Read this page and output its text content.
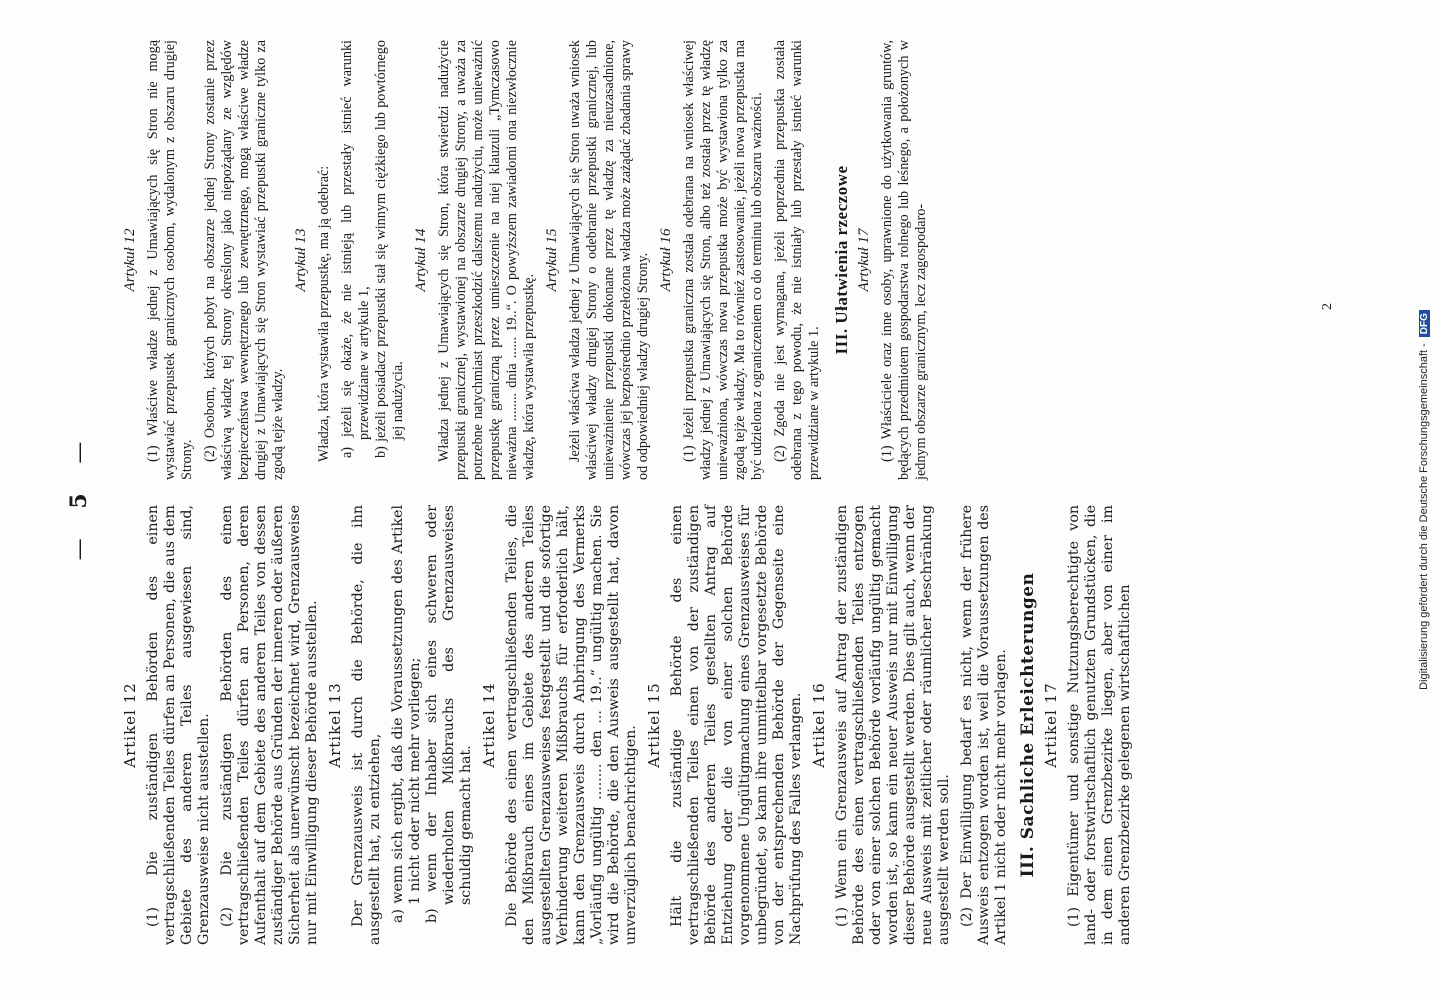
— 5 —
Artikel 12 (1) Die zuständigen Behörden des einen vertragschließenden Teiles dürfen an Personen, die aus dem Gebiete des anderen Teiles ausgewiesen sind, Grenzausweise nicht ausstellen. (2) Die zuständigen Behörden des einen vertragschließenden Teiles dürfen an Personen, deren Aufenthalt auf dem Gebiete des anderen Teiles von dessen zuständiger Behörde aus Gründen der inneren oder äußeren Sicherheit als unerwünscht bezeichnet wird, Grenzausweise nur mit Einwilligung dieser Behörde ausstellen. Artikel 13 Der Grenzausweis ist durch die Behörde, die ihn ausgestellt hat, zu entziehen, a) wenn sich ergibt, daß die Voraussetzungen des Artikel 1 nicht oder nicht mehr vorliegen; b) wenn der Inhaber sich eines schweren oder wiederholten Mißbrauchs des Grenzausweises schuldig gemacht hat.
Artikel 14 Die Behörde des einen vertragschließenden Teiles, die den Mißbrauch eines im Gebiete des anderen Teiles ausgestellten Grenzausweises festgestellt und die sofortige Verhinderung weiteren Mißbrauchs für erforderlich hält, kann den Grenzausweis durch Anbringung des Vermerks „Vorläufig ungültig ........ den ... 19..“ ungültig machen. Sie wird die Behörde, die den Ausweis ausgestellt hat, davon unverzüglich benachrichtigen.

Artikel 15 Hält die zuständige Behörde des einen vertragschließenden Teiles einen von der zuständigen Behörde des anderen Teiles gestellten Antrag auf Entziehung oder die von einer solchen Behörde vorgenommene Ungültigmachung eines Grenzausweises für unbegründet, so kann ihre unmittelbar vorgesetzte Behörde von der entsprechenden Behörde der Gegenseite eine Nachprüfung des Falles verlangen. Artikel 16 (1) Wenn ein Grenzausweis auf Antrag der zuständigen Behörde des einen vertragschließenden Teiles entzogen oder von einer solchen Behörde vorläufig ungültig gemacht worden ist, so kann ein neuer Ausweis nur mit Einwilligung dieser Behörde ausgestellt werden. Dies gilt auch, wenn der neue Ausweis mit zeitlicher oder räumlicher Beschränkung ausgestellt werden soll. (2) Der Einwilligung bedarf es nicht, wenn der frühere Ausweis entzogen worden ist, weil die Voraussetzungen des Artikel 1 nicht oder nicht mehr vorlagen. III. Sachliche Erleichterungen Artikel 17 (1) Eigentümer und sonstige Nutzungsberechtigte von land- oder forstwirtschaftlich genutzten Grundstücken, die in dem einen Grenzbezirke liegen, aber von einer im anderen Grenzbezirke gelegenen wirtschaftlichen

Artykuł 12 (1) Właściwe władze jednej z Umawiających się Stron nie mogą wystawiać przepustek granicznych osobom, wydalonym z obszaru drugiej Strony. (2) Osobom, których pobyt na obszarze jednej Strony zostanie przez właściwą władzę tej Strony określony jako niepożądany ze względów bezpieczeństwa wewnętrznego lub zewnętrznego, mogą właściwe władze drugiej z Umawiających się Stron wystawiać przepustki graniczne tylko za zgodą tejże władzy.

Artykuł 13 Władza, która wystawiła przepustkę, ma ją odebrać: a) jeżeli się okaże, że nie istnieją lub przestały istnieć warunki przewidziane w artykule 1, b) jeżeli posiadacz przepustki stał się winnym ciężkiego lub powtórnego jej nadużycia.
Artykuł 14 Władza jednej z Umawiających się Stron, która stwierdzi nadużycie przepustki granicznej, wystawionej na obszarze drugiej Strony, a uważa za potrzebne natychmiast przeszkodzić dalszemu nadużyciu, może unieważnić przepustkę graniczną przez umieszczenie na niej klauzuli „Tymczasowo nieważna ........ dnia ...... 19..“. O powyższem zawiadomi ona niezwłocznie władzę, która wystawiła przepustkę.

Artykuł 15 Jeżeli właściwa władza jednej z Umawiających się Stron uważa wniosek właściwej władzy drugiej Strony o odebranie przepustki granicznej, lub unieważnienie przepustki dokonane przez tę władzę za nieuzasadnione, wówczas jej bezpośrednio przełożona władza może zażądać zbadania sprawy od odpowiedniej władzy drugiej Strony. Artykuł 16 (1) Jeżeli przepustka graniczna została odebrana na wniosek właściwej władzy jednej z Umawiających się Stron, albo też została przez tę władzę unieważniona, wówczas nowa przepustka może być wystawiona tylko za zgodą tejże władzy. Ma to również zastosowanie, jeżeli nowa przepustka ma być udzielona z ograniczeniem co do terminu lub obszaru ważności. (2) Zgoda nie jest wymagana, jeżeli poprzednia przepustka została odebrana z tego powodu, że nie istniały lub przestały istnieć warunki przewidziane w artykule 1.

III. Ułatwienia rzeczowe Artykuł 17 (1) Właściciele oraz inne osoby, uprawnione do użytkowania gruntów, będących przedmiotem gospodarstwa rolnego lub leśnego, a położonych w jednym obszarze granicznym, lecz zagospodaro-	2
Digitalisierung gefördert durch die Deutsche Forschungsgemeinschaft -DFG
